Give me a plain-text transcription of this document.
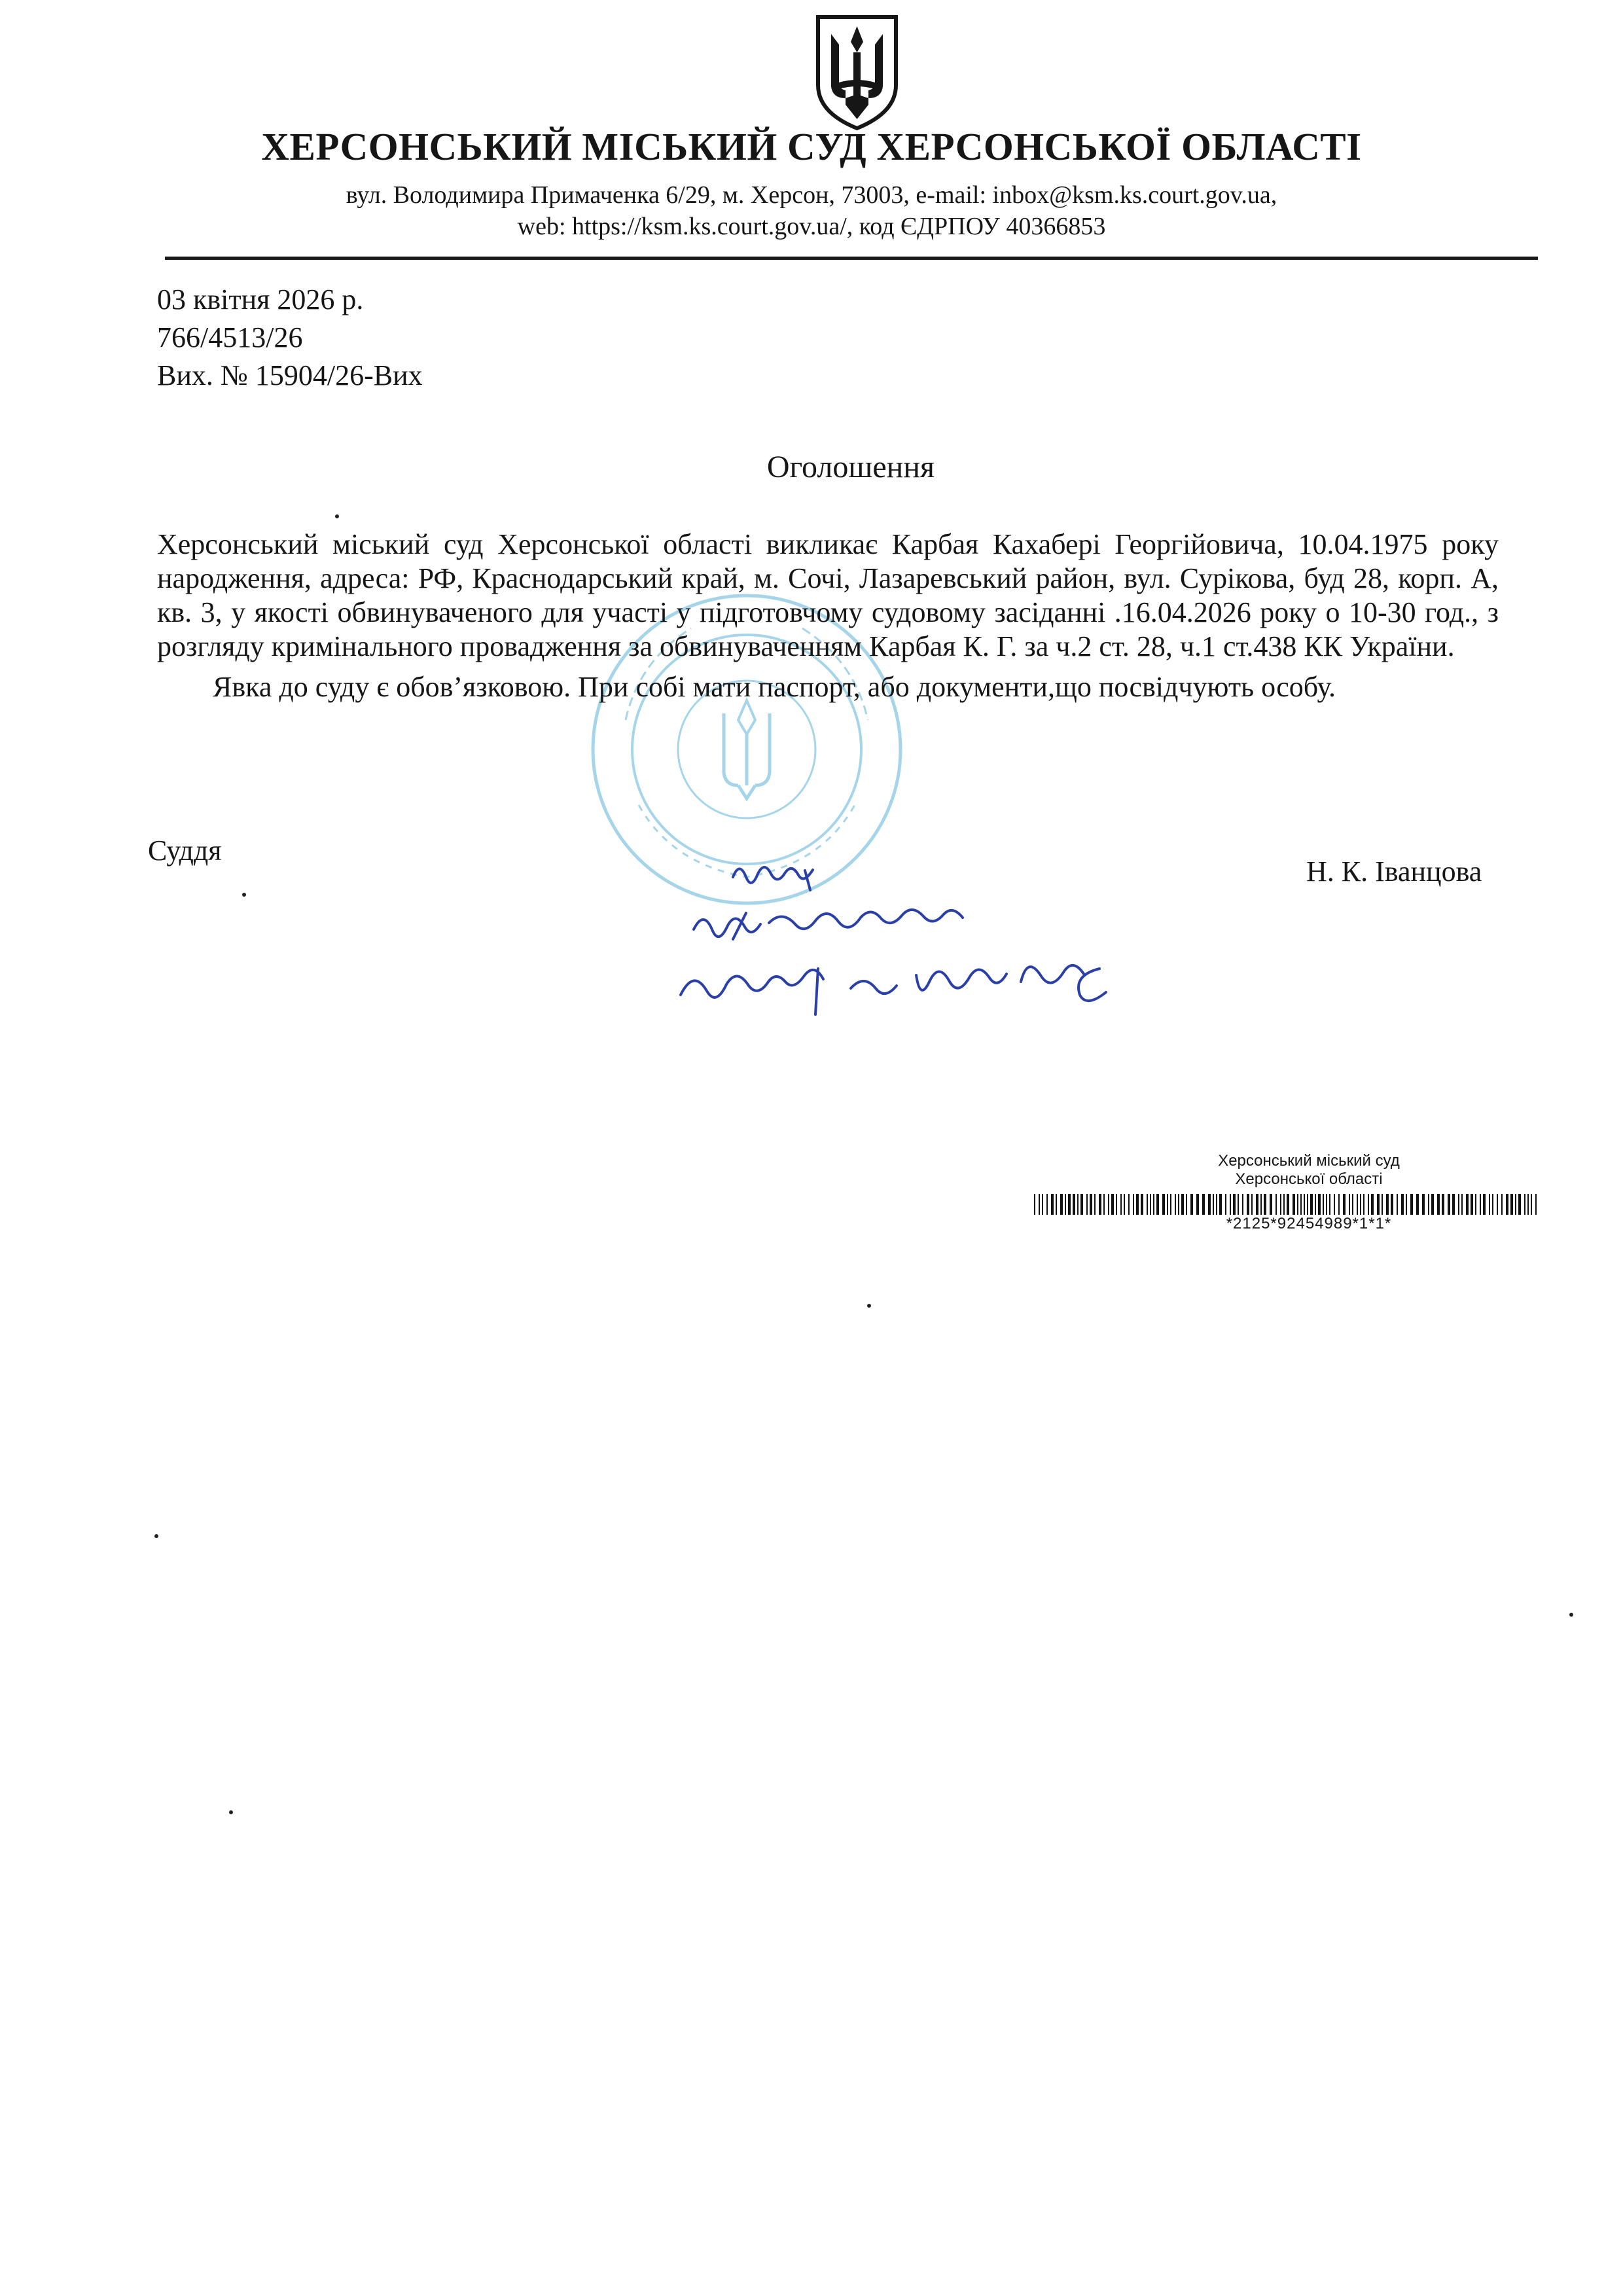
ХЕРСОНСЬКИЙ МІСЬКИЙ СУД ХЕРСОНСЬКОЇ ОБЛАСТІ
вул. Володимира Примаченка 6/29, м. Херсон, 73003, e-mail: inbox@ksm.ks.court.gov.ua,
web: https://ksm.ks.court.gov.ua/, код ЄДРПОУ 40366853
03 квітня 2026 р.
766/4513/26
Вих. № 15904/26-Вих
Оголошення

Херсонський міський суд Херсонської області викликає Карбая Кахабері Георгійовича, 10.04.1975 року народження, адреса: РФ, Краснодарський край, м. Сочі, Лазаревський район, вул. Сурікова, буд 28, корп. А, кв. 3, у якості обвинуваченого для участі у підготовчому судовому засіданні .16.04.2026 року о 10-30 год., з розгляду кримінального провадження за обвинуваченням Карбая К. Г. за ч.2 ст. 28, ч.1 ст.438 КК України.

Явка до суду є обов’язковою. При собі мати паспорт, або документи,що посвідчують особу.

Суддя
Н. К. Іванцова
Херсонський міський суд
Херсонської області
*2125*92454989*1*1*
